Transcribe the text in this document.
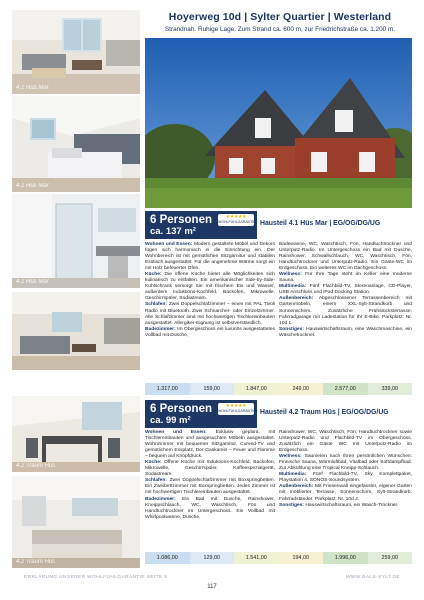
4.1 Hüs Mar
4.1 Hüs Mar
4.1 Hüs Mar
4.2 Traum Hüs
4.2 Traum Hüs
Hoyerweg 10d | Sylter Quartier | Westerland

Strandnah. Ruhige Lage. Zum Strand ca. 600 m, zur Friedrichstraße ca. 1.200 m.

6 Personen
ca. 137 m²
★★★★★
WOHLFÜHLGARANTIE Hausteil 4.1 Hüs Mar | EG/OG/DG/UG
Wohnen und Essen: Modern gestaltete Möbel und Dekors fügen sich harmonisch in die Einrichtung ein. Der Wohnbereich ist mit gemütlichen Sitzgarnitur und stabilen Esstisch ausgestattet. Für die angenehme Wärme sorgt ein mit Holz befeuerter Ofen.
Küche: Die offene Küche bietet alle Möglichkeiten sich kulinarisch zu entfalten. Ein amerikanischer Side-by-Side-Kühlschrank versorgt Sie mit frischem Eis und Wasser, außerdem Induktions-Kochfeld, Backofen, Mikrowelle, Geschirrspüler, Sodastream.
Schlafen: Zwei Doppelschlafzimmer – eines mit PAL Tivoli Radio mit Bluetooth. Zwei Schnarcher- oder Einzelzimmer. Alle Schlafzimmer sind mit hochwertigen Tischlereinbauten ausgestattet. Allergiker-Eignung ist selbstverständlich.
Badezimmer: Im Obergeschoss ein luxuriös ausgestattetes Vollbad mit Dusche,

Badewanne, WC, Waschtisch, Fön, Handtuchtrockner und Unterputz-Radio. Im Untergeschoss ein Bad mit Dusche, Rainshower, Schwallschlauch, WC, Waschtisch, Fön, Handtuchtrockner und Unterputz-Radio. Ein Gäste-WC im Erdgeschoss. Ein weiteres WC im Dachgeschoss.
Wellness: Für Ihre Tage steht im Keller eine moderne Sauna.
Multimedia: Fünf Flachbild-TV, Stereoanlage, CD-Player, USB Anschluss und iPod Docking Station.
Außenbereich: Abgeschlossener Terrassenbereich mit Gartenmöbeln, einem XXL-Sylt-Strandkorb und Sonnenschirm. Zusätzliche Frühstücksterrasse. Fahrradgarage mit Ladestation für Ihr E-Bike. Parkplatz: Nr. 10d 1.
Sonstiges: Hauswirtschaftsraum, eine Waschmaschine, ein Wäschetrockner.

1.317,00	159,00	1.847,00	249,00	2.577,00	339,00
6 Personen
ca. 99 m²
★★★★★
WOHLFÜHLGARANTIE Hausteil 4.2 Traum Hüs | EG/OG/DG/UG
Wohnen und Essen: Exklusiv geplant, mit Tischlereinbauten und ausgesuchten Möbeln ausgestattet. Wohnzimmer mit bequemer Sitzgarnitur, Curved-TV und gemütlichem Essplatz. Der Gaskamin – Feuer und Flamme – bequem auf Knopfdruck.
Küche: Offene Küche mit Induktions-Kochfeld, Backofen, Mikrowelle, Geschirrspüler, Kaffeespezialgerät, Sodastream.
Schlafen: Zwei Doppelschlafzimmer mit Boxspringbetten. Ein Zweibettzimmer mit Boxspringbetten. Jedes Zimmer ist mit hochwertigen Tischlereinbauten ausgestattet.
Badezimmer: Ein Bad mit Dusche, Rainshower, Kneippschlauch, WC, Waschtisch, Fön und Handtuchtrockner im Untergeschoss. Ein Vollbad mit Whirlpoolwanne, Dusche,

Rainshower, WC, Waschtisch, Fön, Handtuchtrockner sowie Unterputz-Radio und Flachbild-TV im Obergeschoss. Zusätzlich ein Gäste WC mit Unterputz-Radio im Erdgeschoss.
Wellness: Saunieren nach Ihren persönlichen Wünschen: Finnische Sauna, Warmluftbad, Vitalbad oder Softdampfbad. Zur Abkühlung eine Tropical Kneipp-Schlauch.
Multimedia: Fünf Flachbild-TV, Sky Komplettpaket, Playstation 4, SONOS-Soundsystem.
Außenbereich: Mit Friesenwall eingefasster, eigener Garten mit möblierter Terrasse, Sonnenschirm, Sylt-Strandkorb. Fahrradständer. Parkplatz: Nr. 10d 2.
Sonstiges: Hauswirtschaftsraum, ein Wasch-Trockner.

1.086,00	129,00	1.541,00	194,00	1.996,00	259,00
ERKLÄRUNG UNSERER WOHLFÜHLGARANTIE SEITE 5	WWW.BALS-SYLT.DE
117
